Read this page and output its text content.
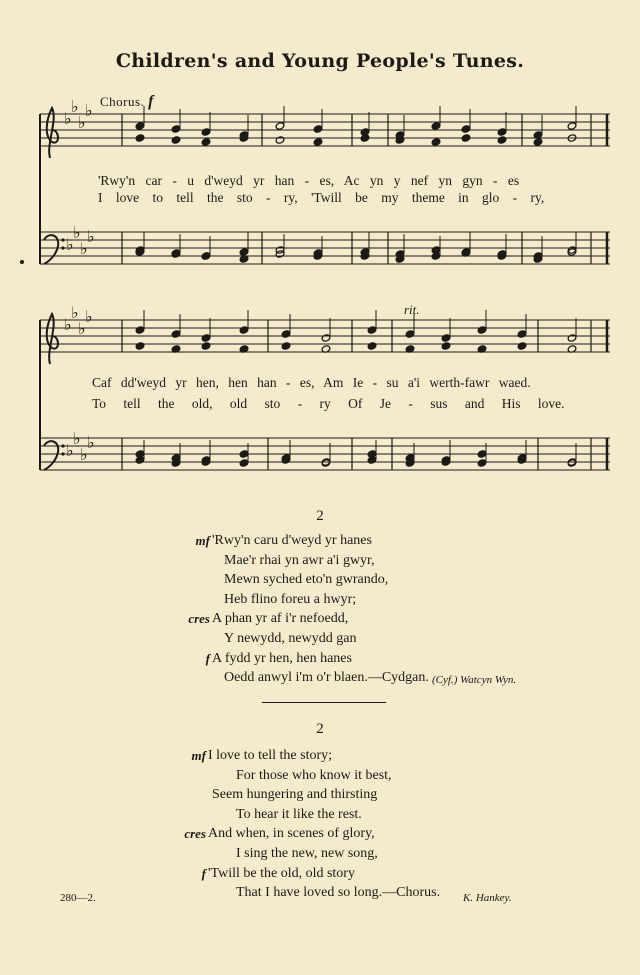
♭
♭
♭
♭
♭
♭
♭
♭
♭
♭
♭
♭
♭
♭
♭
♭
Children's and Young People's Tunes.
Chorus. f
rit.
'Rwy'n car - u d'weyd yr han - es, Ac yn y nef yn gyn - es
I love to tell the sto - ry, 'Twill be my theme in glo - ry,
Caf dd'weyd yr hen, hen han - es, Am Ie - su a'i werth-fawr waed.
To tell the old, old sto - ry Of Je - sus and His love.
2
mf 'Rwy'n caru d'weyd yr hanes
Mae'r rhai yn awr a'i gwyr,
Mewn syched eto'n gwrando,
Heb flino foreu a hwyr;
cres A phan yr af i'r nefoedd,
Y newydd, newydd gan
f A fydd yr hen, hen hanes
Oedd anwyl i'm o'r blaen.—Cydgan. (Cyf.) Watcyn Wyn.
2
mf I love to tell the story;
For those who know it best,
Seem hungering and thirsting
To hear it like the rest.
cres And when, in scenes of glory,
I sing the new, new song,
f 'Twill be the old, old story
That I have loved so long.—Chorus.
280—2.	K. Hankey.
